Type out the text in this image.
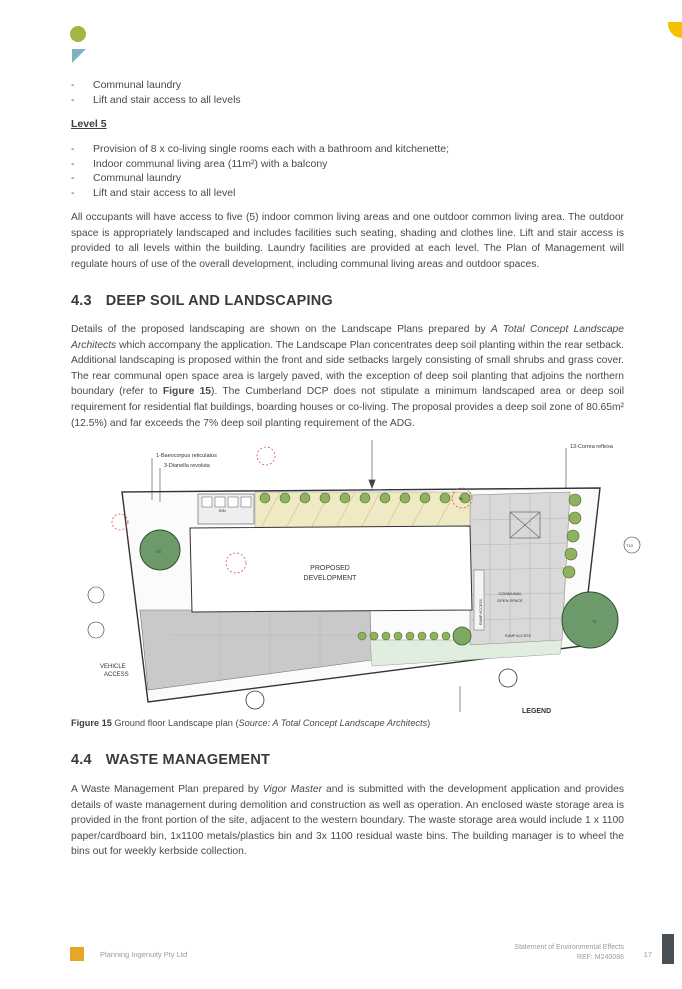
- Communal laundry
- Lift and stair access to all levels
Level 5
- Provision of 8 x co-living single rooms each with a bathroom and kitchenette;
- Indoor communal living area (11m²) with a balcony
- Communal laundry
- Lift and stair access to all level

All occupants will have access to five (5) indoor common living areas and one outdoor common living area. The outdoor space is appropriately landscaped and includes facilities such seating, shading and clothes line. Lift and stair access is provided to all levels within the building. Laundry facilities are provided at each level. The Plan of Management will regulate hours of use of the overall development, including communal living areas and outdoor spaces.

4.3 DEEP SOIL AND LANDSCAPING

Details of the proposed landscaping are shown on the Landscape Plans prepared by A Total Concept Landscape Architects which accompany the application. The Landscape Plan concentrates deep soil planting within the rear setback. Additional landscaping is proposed within the front and side setbacks largely consisting of small shrubs and grass cover. The rear communal open space area is largely paved, with the exception of deep soil planting that adjoins the northern boundary (refer to Figure 15). The Cumberland DCP does not stipulate a minimum landscaped area or deep soil requirement for residential flat buildings, boarding houses or co-living. The proposal provides a deep soil zone of 80.65m² (12.5%) and far exceeds the 7% deep soil planting requirement of the ADG.

1-Baeocorpus reticulatus
3-Dianella revoluta
13-Correa reflexa
PROPOSED
DEVELOPMENT
COMMUNAL
OPEN SPACE
RAMP ACCESS
RAMP ACCESS
VEHICLE
ACCESS
BIN
LEGEND
T1
T5
T8
T10
Figure 15 Ground floor Landscape plan (Source: A Total Concept Landscape Architects)
4.4 WASTE MANAGEMENT

A Waste Management Plan prepared by Vigor Master and is submitted with the development application and provides details of waste management during demolition and construction as well as operation. An enclosed waste storage area is provided in the front portion of the site, adjacent to the western boundary. The waste storage area would include 1 x 1100 paper/cardboard bin, 1x1100 metals/plastics bin and 3x 1100 residual waste bins. The building manager is to wheel the bins out for weekly kerbside collection.

Planning Ingenuity Pty Ltd
Statement of Environmental Effects
REF: M240086	17
